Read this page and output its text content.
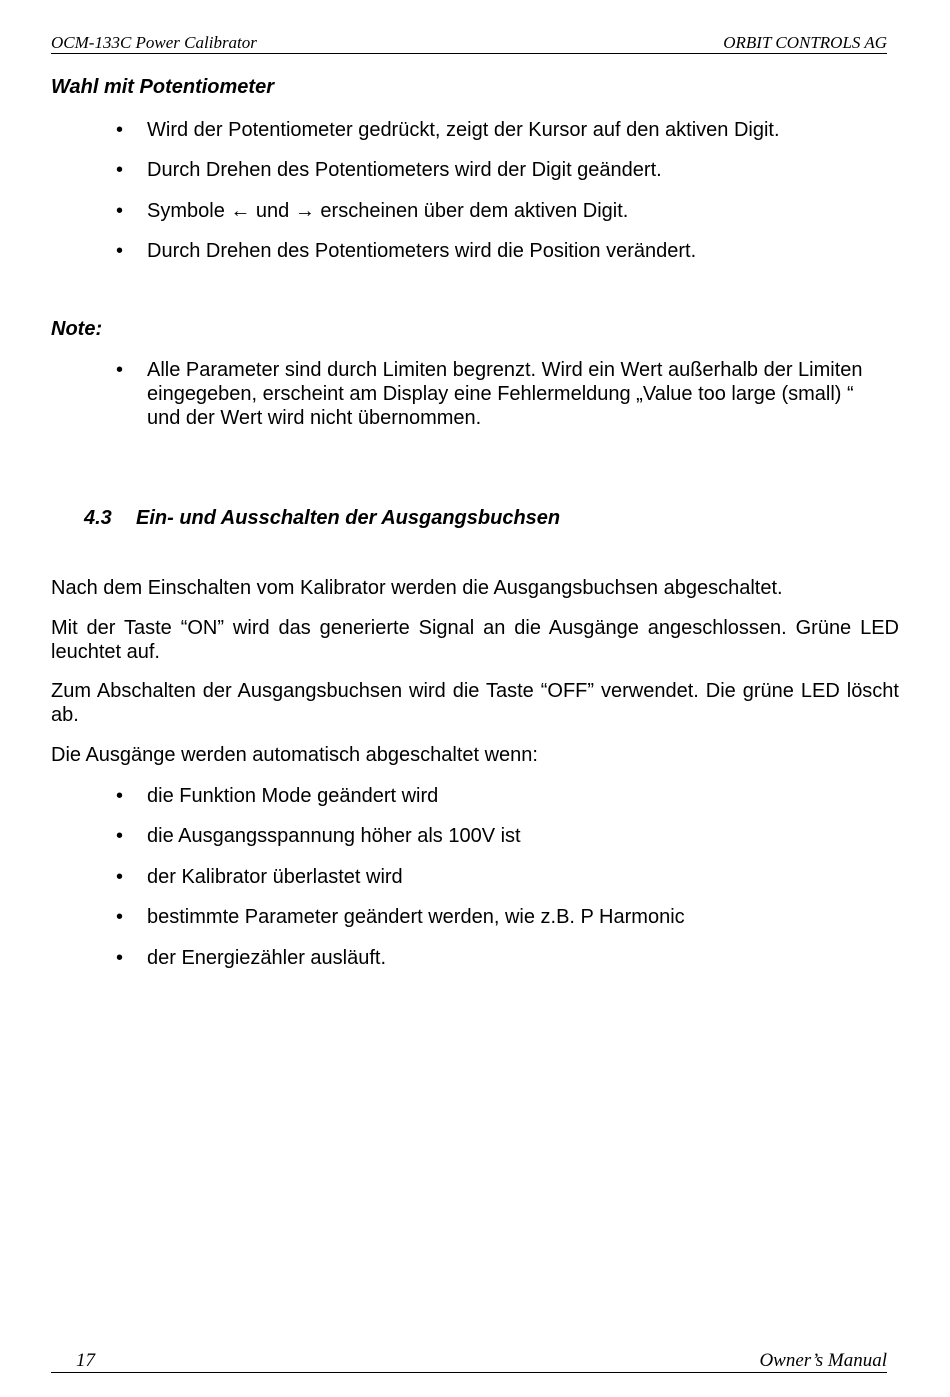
OCM-133C Power Calibrator	ORBIT CONTROLS AG
Wahl mit Potentiometer
• Wird der Potentiometer gedrückt, zeigt der Kursor auf den aktiven Digit.
• Durch Drehen des Potentiometers wird der Digit geändert.
• Symbole ← und → erscheinen über dem aktiven Digit.
• Durch Drehen des Potentiometers wird die Position verändert.
Note:
• Alle Parameter sind durch Limiten begrenzt. Wird ein Wert außerhalb der Limiten eingegeben, erscheint am Display eine Fehlermeldung „Value too large (small) “ und der Wert wird nicht übernommen.
4.3 Ein- und Ausschalten der Ausgangsbuchsen
Nach dem Einschalten vom Kalibrator werden die Ausgangsbuchsen abgeschaltet.
Mit der Taste “ON” wird das generierte Signal an die Ausgänge angeschlossen. Grüne LED leuchtet auf.
Zum Abschalten der Ausgangsbuchsen wird die Taste “OFF” verwendet. Die grüne LED löscht ab.
Die Ausgänge werden automatisch abgeschaltet wenn:
• die Funktion Mode geändert wird
• die Ausgangsspannung höher als 100V ist
• der Kalibrator überlastet wird
• bestimmte Parameter geändert werden, wie z.B. P Harmonic
• der Energiezähler ausläuft.
17	Owner’s Manual
